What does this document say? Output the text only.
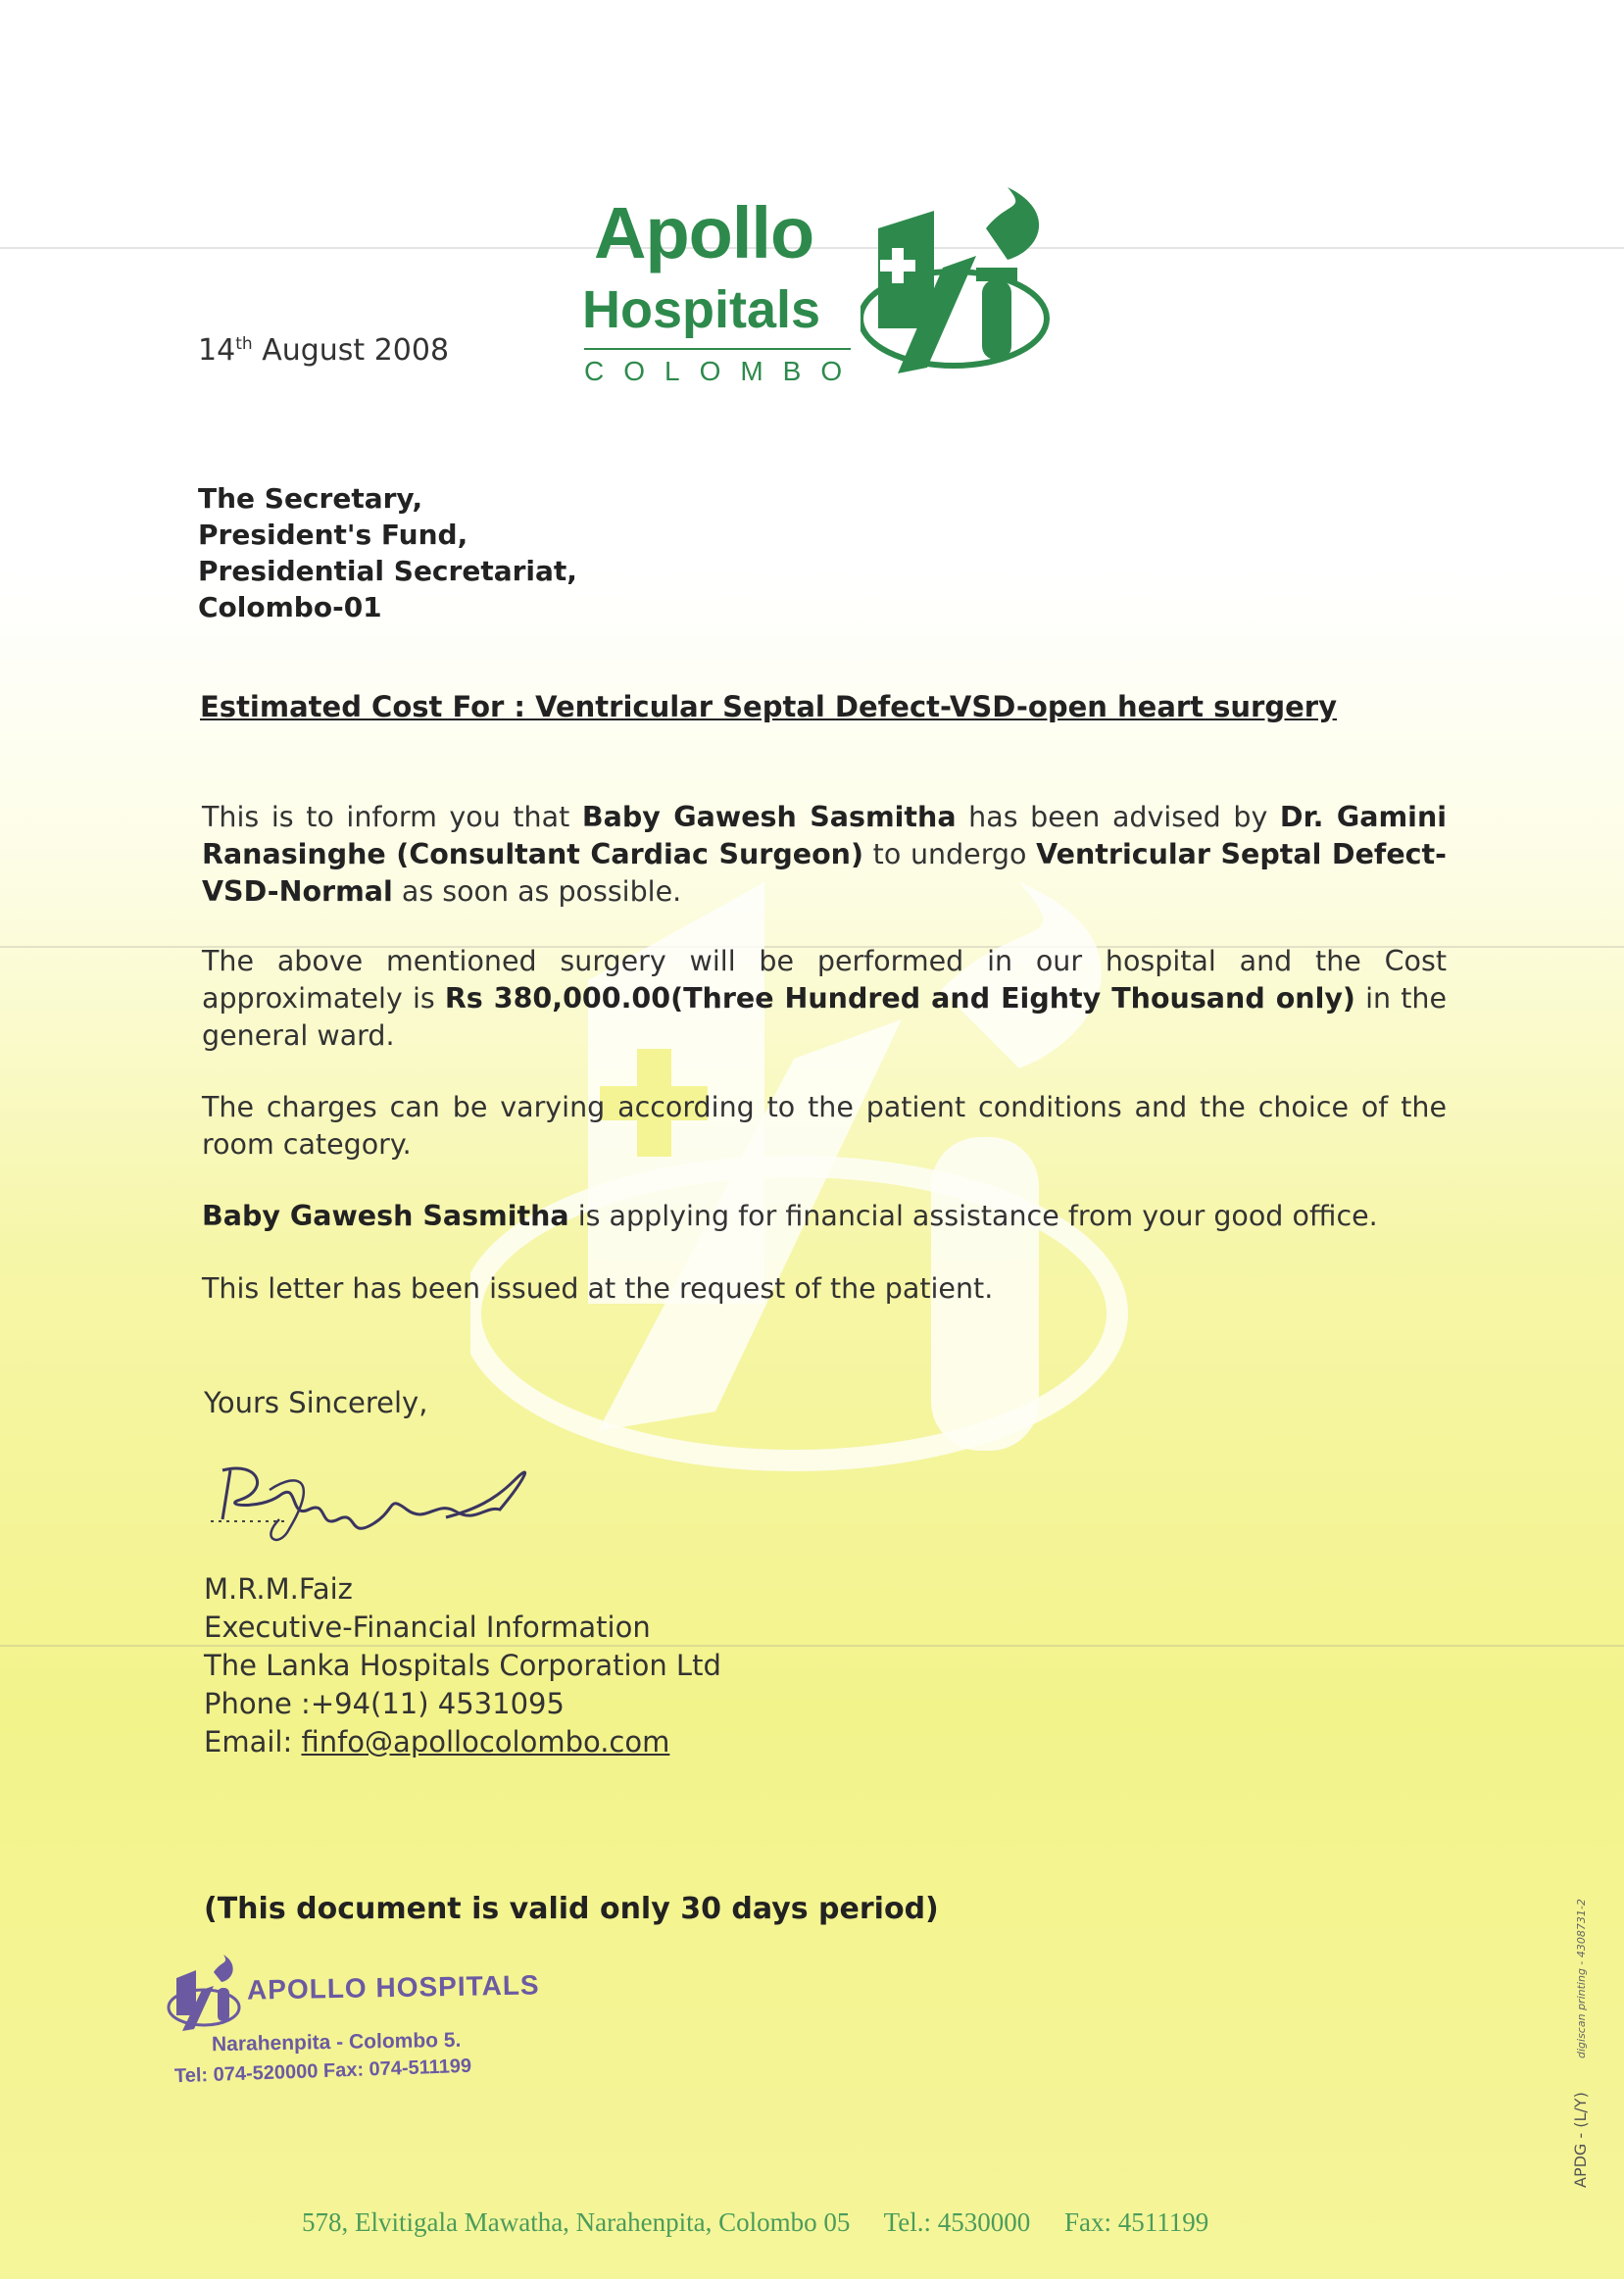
Apollo
Hospitals
COLOMBO
14th August 2008
The Secretary,
President's Fund,
Presidential Secretariat,
Colombo-01
Estimated Cost For : Ventricular Septal Defect-VSD-open heart surgery
This is to inform you that Baby Gawesh Sasmitha has been advised by Dr. Gamini Ranasinghe (Consultant Cardiac Surgeon) to undergo Ventricular Septal Defect-VSD-Normal as soon as possible.
The above mentioned surgery will be performed in our hospital and the Cost approximately is Rs 380,000.00(Three Hundred and Eighty Thousand only) in the general ward.
The charges can be varying according to the patient conditions and the choice of the room category.
Baby Gawesh Sasmitha is applying for financial assistance from your good office.
This letter has been issued at the request of the patient.
Yours Sincerely,
M.R.M.Faiz
Executive-Financial Information
The Lanka Hospitals Corporation Ltd
Phone :+94(11) 4531095
Email: finfo@apollocolombo.com
(This document is valid only 30 days period)
APOLLO HOSPITALS
Narahenpita - Colombo 5.
Tel: 074-520000 Fax: 074-511199
578, Elvitigala Mawatha, Narahenpita, Colombo 05 Tel.: 4530000 Fax: 4511199
APDG - (L/Y)
digiscan printing - 4308731-2
